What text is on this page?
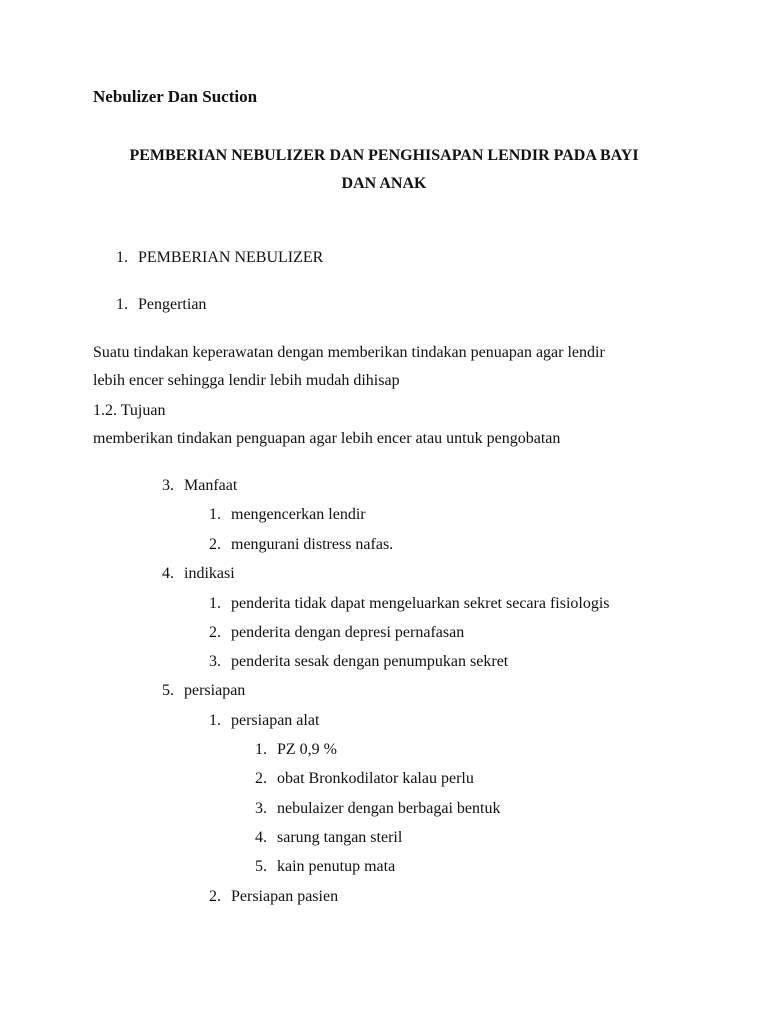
Nebulizer Dan Suction
PEMBERIAN NEBULIZER DAN PENGHISAPAN LENDIR PADA BAYI
DAN ANAK
1. PEMBERIAN NEBULIZER
1. Pengertian
Suatu tindakan keperawatan dengan memberikan tindakan penuapan agar lendir
lebih encer sehingga lendir lebih mudah dihisap
1.2. Tujuan
memberikan tindakan penguapan agar lebih encer atau untuk pengobatan
3. Manfaat
1. mengencerkan lendir
2. mengurani distress nafas.
4. indikasi
1. penderita tidak dapat mengeluarkan sekret secara fisiologis
2. penderita dengan depresi pernafasan
3. penderita sesak dengan penumpukan sekret
5. persiapan
1. persiapan alat
1. PZ 0,9 %
2. obat Bronkodilator kalau perlu
3. nebulaizer dengan berbagai bentuk
4. sarung tangan steril
5. kain penutup mata
2. Persiapan pasien
